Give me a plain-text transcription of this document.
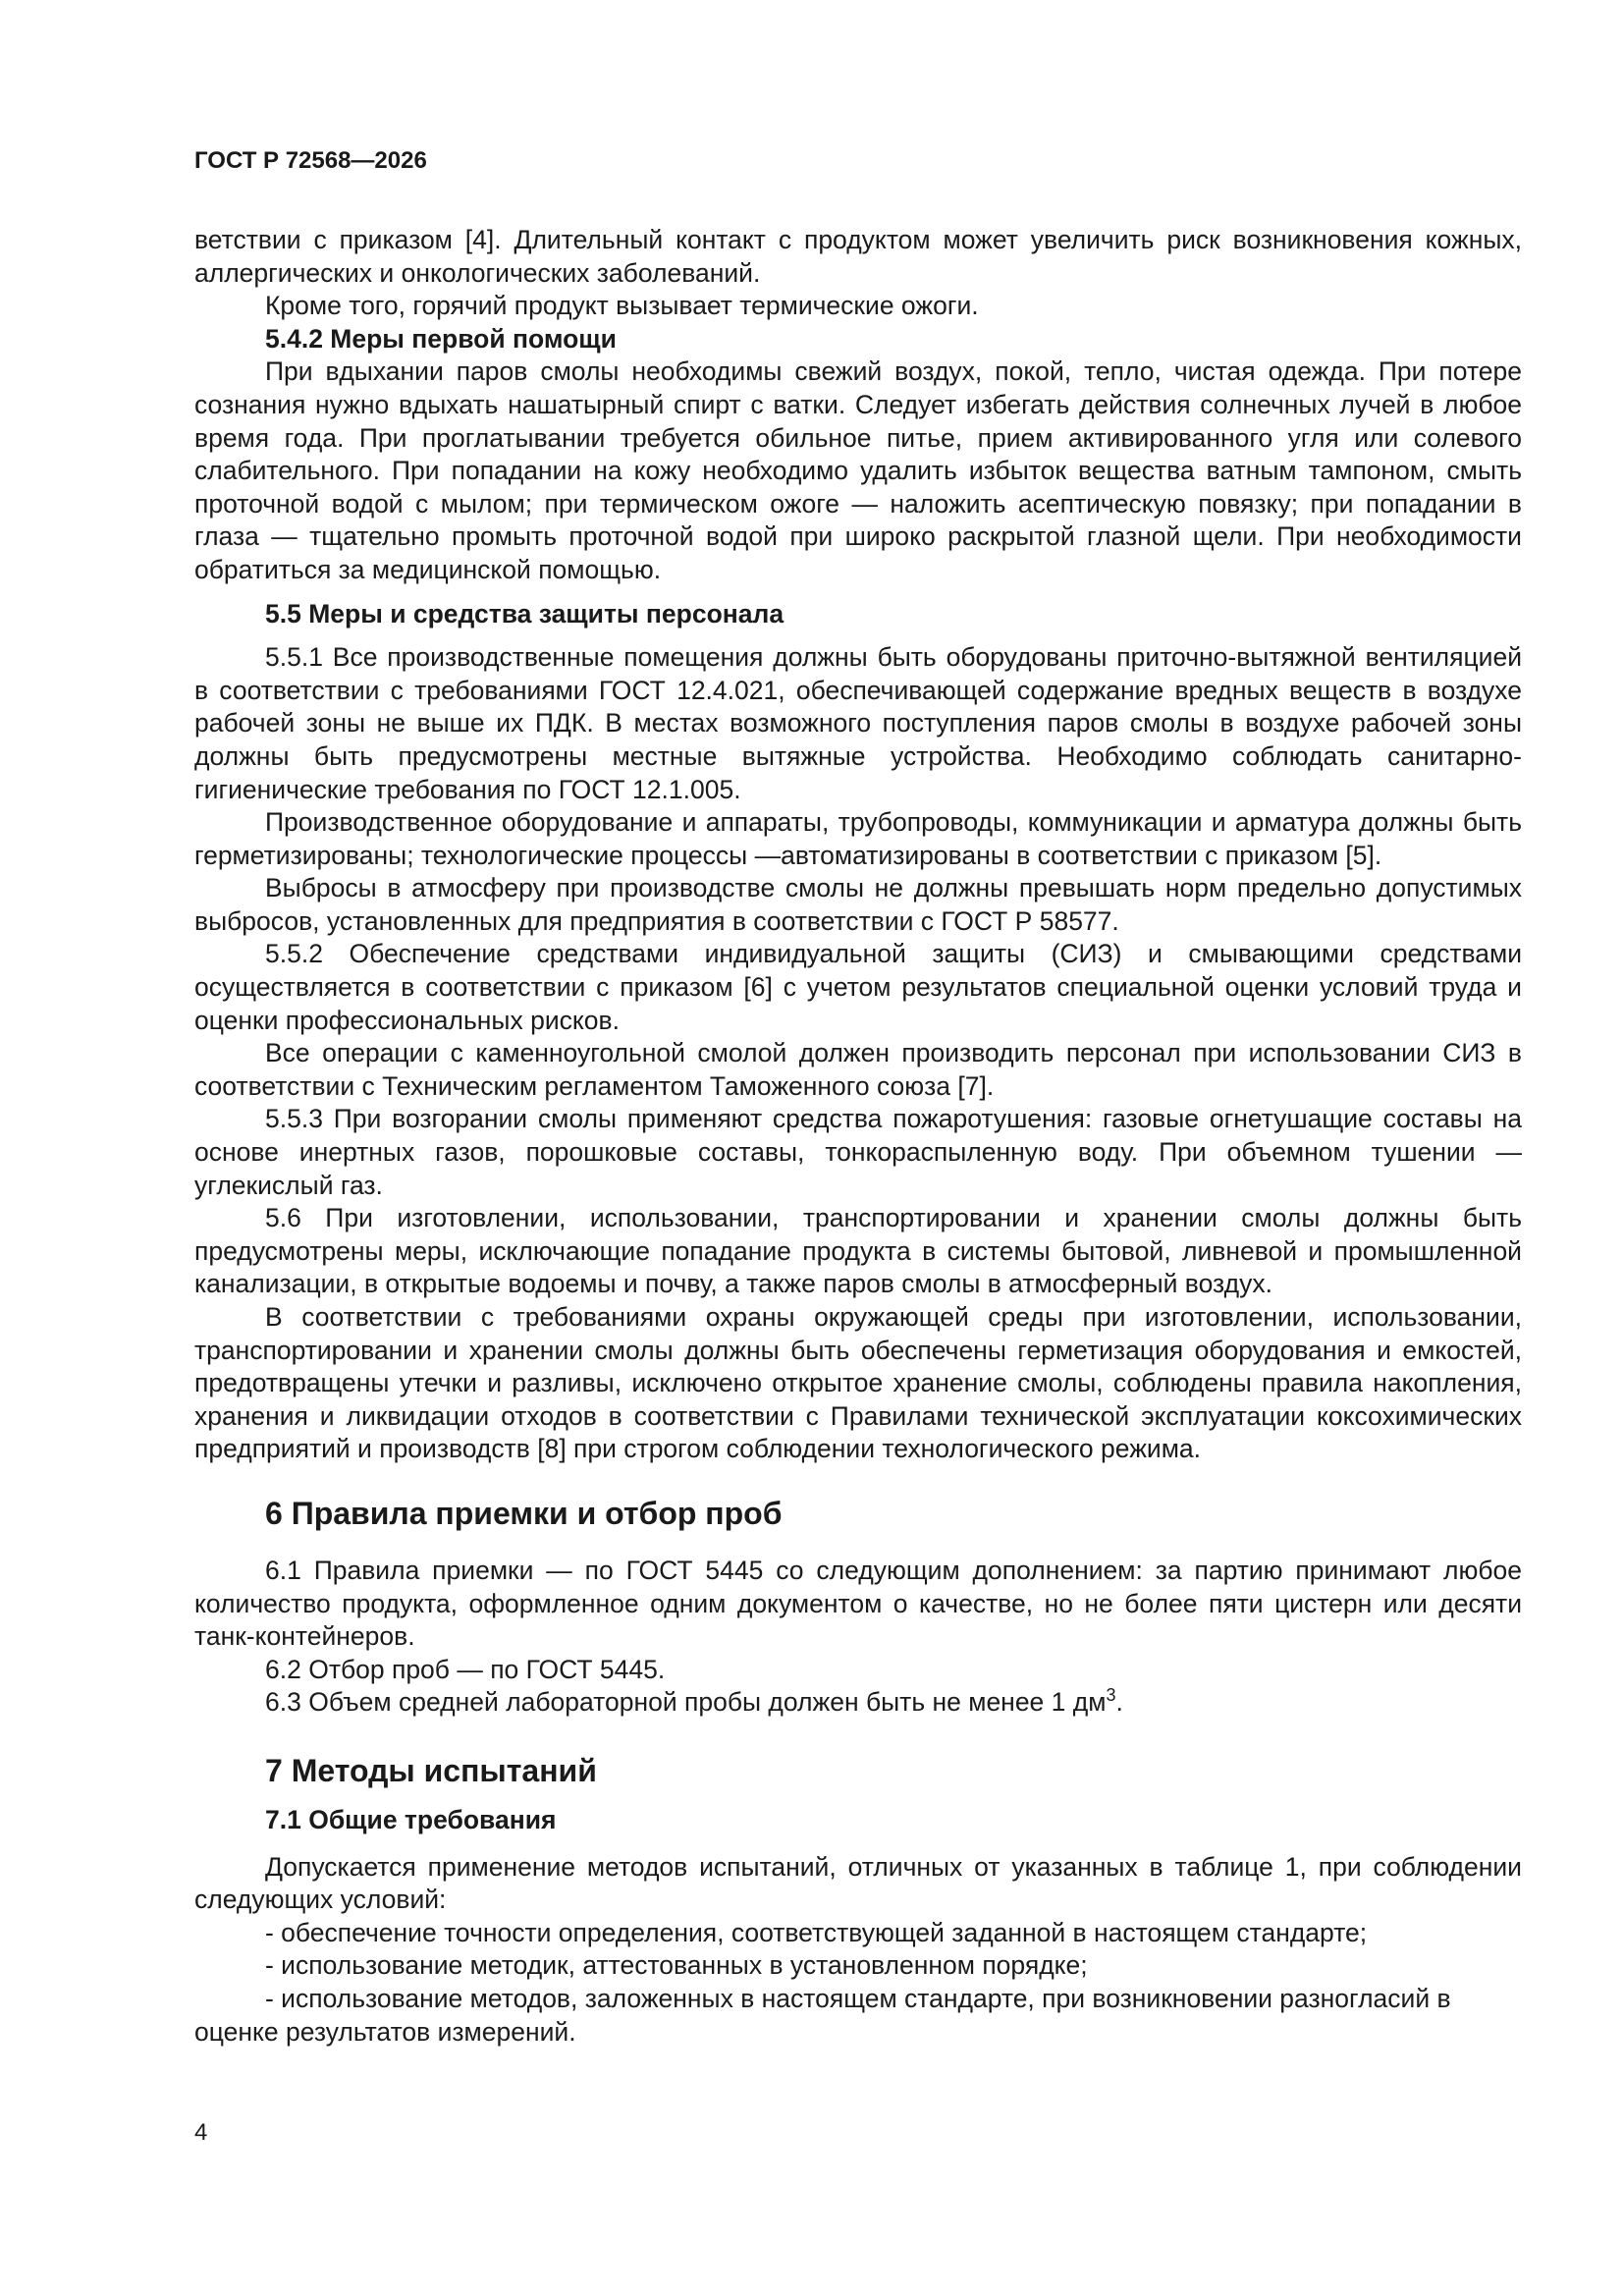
ГОСТ Р 72568—2026

ветствии с приказом [4]. Длительный контакт с продуктом может увеличить риск возникновения кожных, аллергических и онкологических заболеваний.

Кроме того, горячий продукт вызывает термические ожоги.

5.4.2 Меры первой помощи

При вдыхании паров смолы необходимы свежий воздух, покой, тепло, чистая одежда. При потере сознания нужно вдыхать нашатырный спирт с ватки. Следует избегать действия солнечных лучей в любое время года. При проглатывании требуется обильное питье, прием активированного угля или солевого слабительного. При попадании на кожу необходимо удалить избыток вещества ватным тампоном, смыть проточной водой с мылом; при термическом ожоге — наложить асептическую повязку; при попадании в глаза — тщательно промыть проточной водой при широко раскрытой глазной щели. При необходимости обратиться за медицинской помощью.

5.5 Меры и средства защиты персонала

5.5.1 Все производственные помещения должны быть оборудованы приточно-вытяжной вентиляцией в соответствии с требованиями ГОСТ 12.4.021, обеспечивающей содержание вредных веществ в воздухе рабочей зоны не выше их ПДК. В местах возможного поступления паров смолы в воздухе рабочей зоны должны быть предусмотрены местные вытяжные устройства. Необходимо соблюдать санитарно-гигиенические требования по ГОСТ 12.1.005.

Производственное оборудование и аппараты, трубопроводы, коммуникации и арматура должны быть герметизированы; технологические процессы —автоматизированы в соответствии с приказом [5].

Выбросы в атмосферу при производстве смолы не должны превышать норм предельно допустимых выбросов, установленных для предприятия в соответствии с ГОСТ Р 58577.

5.5.2 Обеспечение средствами индивидуальной защиты (СИЗ) и смывающими средствами осуществляется в соответствии с приказом [6] с учетом результатов специальной оценки условий труда и оценки профессиональных рисков.

Все операции с каменноугольной смолой должен производить персонал при использовании СИЗ в соответствии с Техническим регламентом Таможенного союза [7].

5.5.3 При возгорании смолы применяют средства пожаротушения: газовые огнетушащие составы на основе инертных газов, порошковые составы, тонкораспыленную воду. При объемном тушении — углекислый газ.

5.6 При изготовлении, использовании, транспортировании и хранении смолы должны быть предусмотрены меры, исключающие попадание продукта в системы бытовой, ливневой и промышленной канализации, в открытые водоемы и почву, а также паров смолы в атмосферный воздух.

В соответствии с требованиями охраны окружающей среды при изготовлении, использовании, транспортировании и хранении смолы должны быть обеспечены герметизация оборудования и емкостей, предотвращены утечки и разливы, исключено открытое хранение смолы, соблюдены правила накопления, хранения и ликвидации отходов в соответствии с Правилами технической эксплуатации коксохимических предприятий и производств [8] при строгом соблюдении технологического режима.

6 Правила приемки и отбор проб

6.1 Правила приемки — по ГОСТ 5445 со следующим дополнением: за партию принимают любое количество продукта, оформленное одним документом о качестве, но не более пяти цистерн или десяти танк-контейнеров.

6.2 Отбор проб — по ГОСТ 5445.

6.3 Объем средней лабораторной пробы должен быть не менее 1 $дм^3$.

7 Методы испытаний

7.1 Общие требования

Допускается применение методов испытаний, отличных от указанных в таблице 1, при соблюдении следующих условий:

- обеспечение точности определения, соответствующей заданной в настоящем стандарте;
- использование методик, аттестованных в установленном порядке;
- использование методов, заложенных в настоящем стандарте, при возникновении разногласий в
оценке результатов измерений.
4
